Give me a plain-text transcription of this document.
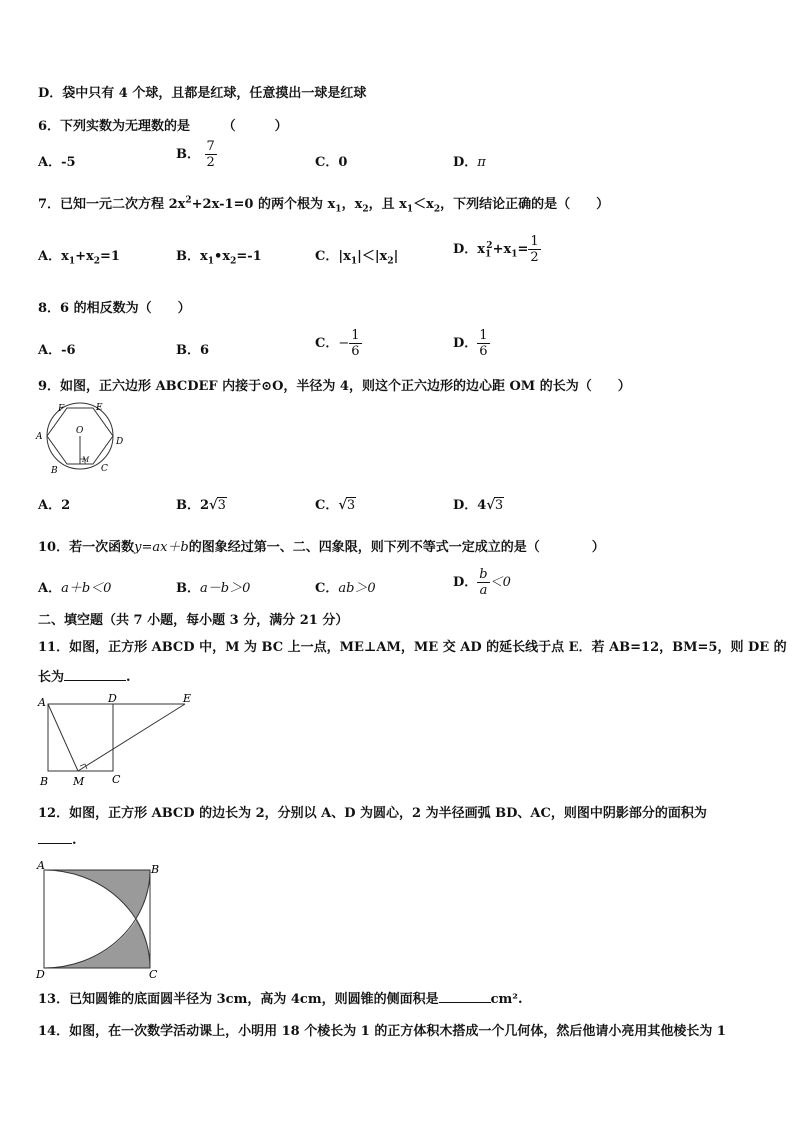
D．袋中只有 4 个球，且都是红球，任意摸出一球是红球
6．下列实数为无理数的是	（　　　）
A．-5
B． $\frac{7}{2}$	C．0	D．π
7．已知一元二次方程 $2x^2+2x-1=0$ 的两个根为 $x_1$，$x_2$，且 $x_1<x_2$，下列结论正确的是（　　）
A．$x_1+x_2=1$	B．$x_1•x_2=-1$	C．$|x_1|<|x_2|$	D．$x_1^2+x_1= \frac{1}{2}$
8．6 的相反数为（　　）
A．-6	B．6	C．− $\frac{1}{6}$	D． $\frac{1}{6}$
9．如图，正六边形 ABCDEF 内接于⊙O，半径为 4，则这个正六边形的边心距 OM 的长为（　　）
F	E
A	D
B	C
O
M
A．2	B．2√3	C．√3	D．4√3
10．若一次函数y=ax＋b的图象经过第一、二、四象限，则下列不等式一定成立的是（　　　　）
A．a＋b＜0	B．a－b＞0	C．ab＞0	D． $\frac{b}{a} <0$
二、填空题（共 7 小题，每小题 3 分，满分 21 分）
11．如图，正方形 ABCD 中，M 为 BC 上一点，ME⊥AM，ME 交 AD 的延长线于点 E．若 AB=12，BM=5，则 DE 的
长为	.
A	D	E
B M	C
12．如图，正方形 ABCD 的边长为 2，分别以 A、D 为圆心，2 为半径画弧 BD、AC，则图中阴影部分的面积为
.
A	B
D	C
13．已知圆锥的底面圆半径为 3cm，高为 4cm，则圆锥的侧面积是	cm².
14．如图，在一次数学活动课上，小明用 18 个棱长为 1 的正方体积木搭成一个几何体，然后他请小亮用其他棱长为 1
